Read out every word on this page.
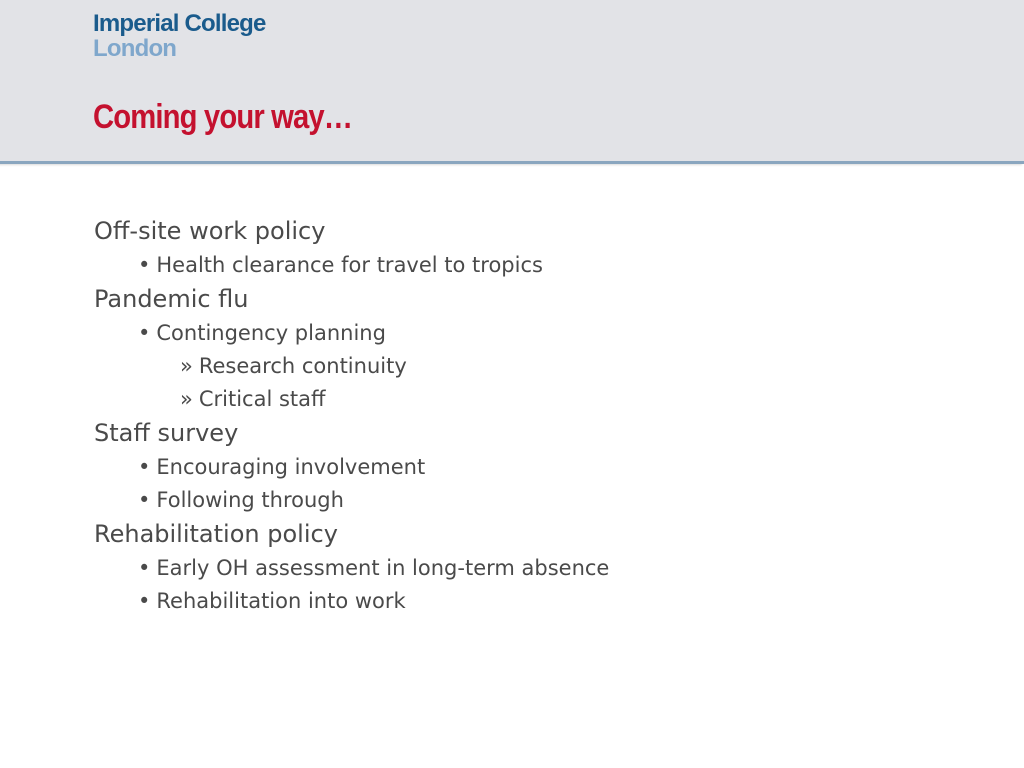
Imperial College
London
Coming your way…
Off-site work policy
• Health clearance for travel to tropics
Pandemic flu
• Contingency planning
» Research continuity
» Critical staff
Staff survey
• Encouraging involvement
• Following through
Rehabilitation policy
• Early OH assessment in long-term absence
• Rehabilitation into work
